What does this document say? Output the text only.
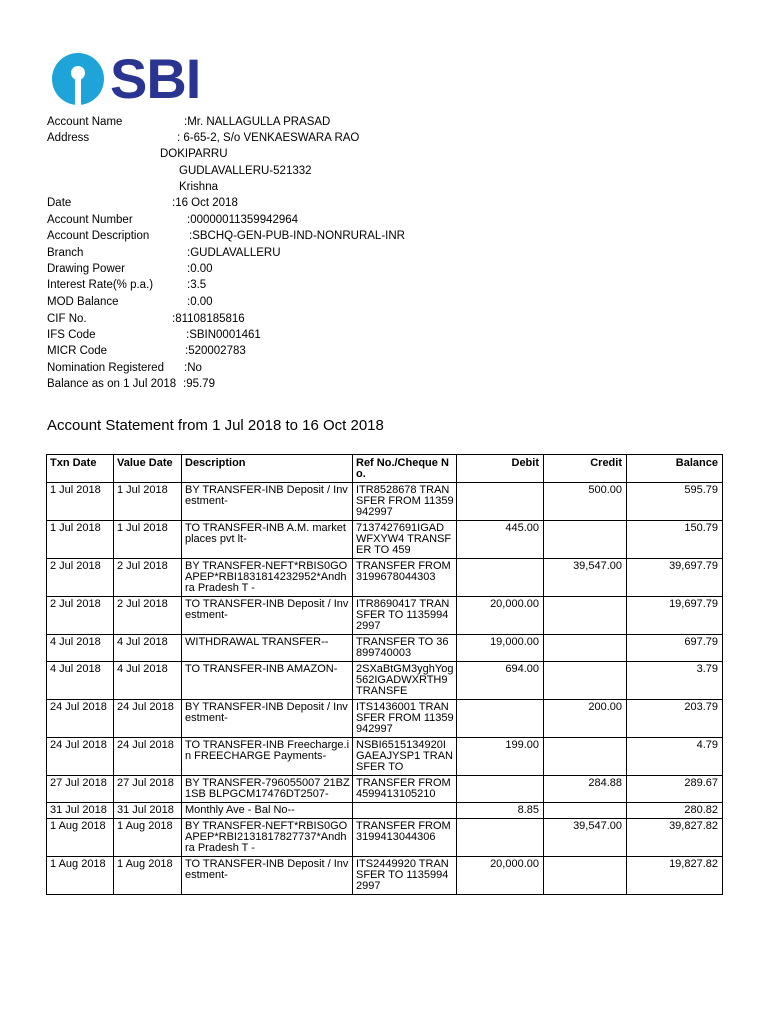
SBI
Account Name	:Mr. NALLAGULLA PRASAD
Address	: 6-65-2, S/o VENKAESWARA RAO
DOKIPARRU
GUDLAVALLERU-521332
Krishna
Date	:16 Oct 2018
Account Number	:00000011359942964
Account Description	:SBCHQ-GEN-PUB-IND-NONRURAL-INR
Branch	:GUDLAVALLERU
Drawing Power	:0.00
Interest Rate(% p.a.)	:3.5
MOD Balance	:0.00
CIF No.	:81108185816
IFS Code	:SBIN0001461
MICR Code	:520002783
Nomination Registered :No
Balance as on 1 Jul 2018 :95.79
Account Statement from 1 Jul 2018 to 16 Oct 2018
Txn Date	Value Date	Description	Ref No./Cheque No.	Debit	Credit	Balance
1 Jul 2018	1 Jul 2018	BY TRANSFER-INB Deposit / Investment-	ITR8528678 TRANSFER FROM 11359942997		500.00	595.79
1 Jul 2018	1 Jul 2018	TO TRANSFER-INB A.M. market places pvt lt-	7137427691IGADWFXYW4 TRANSFER TO 459	445.00		150.79
2 Jul 2018	2 Jul 2018	BY TRANSFER-NEFT*RBIS0GOAPEP*RBI1831814232952*Andhra Pradesh T -	TRANSFER FROM 3199678044303		39,547.00	39,697.79
2 Jul 2018	2 Jul 2018	TO TRANSFER-INB Deposit / Investment-	ITR8690417 TRANSFER TO 11359942997	20,000.00		19,697.79
4 Jul 2018	4 Jul 2018	WITHDRAWAL TRANSFER--	TRANSFER TO 36899740003	19,000.00		697.79
4 Jul 2018	4 Jul 2018	TO TRANSFER-INB AMAZON-	2SXaBtGM3yghYog562IGADWXRTH9 TRANSFE	694.00		3.79
24 Jul 2018	24 Jul 2018	BY TRANSFER-INB Deposit / Investment-	ITS1436001 TRANSFER FROM 11359942997		200.00	203.79
24 Jul 2018	24 Jul 2018	TO TRANSFER-INB Freecharge.in FREECHARGE Payments-	NSBI6515134920IGAEAJYSP1 TRANSFER TO	199.00		4.79
27 Jul 2018	27 Jul 2018	BY TRANSFER-796055007 21BZ1SB BLPGCM17476DT2507-	TRANSFER FROM 4599413105210		284.88	289.67
31 Jul 2018	31 Jul 2018	Monthly Ave - Bal No--		8.85		280.82
1 Aug 2018	1 Aug 2018	BY TRANSFER-NEFT*RBIS0GOAPEP*RBI2131817827737*Andhra Pradesh T -	TRANSFER FROM 3199413044306		39,547.00	39,827.82
1 Aug 2018	1 Aug 2018	TO TRANSFER-INB Deposit / Investment-	ITS2449920 TRANSFER TO 11359942997	20,000.00		19,827.82
